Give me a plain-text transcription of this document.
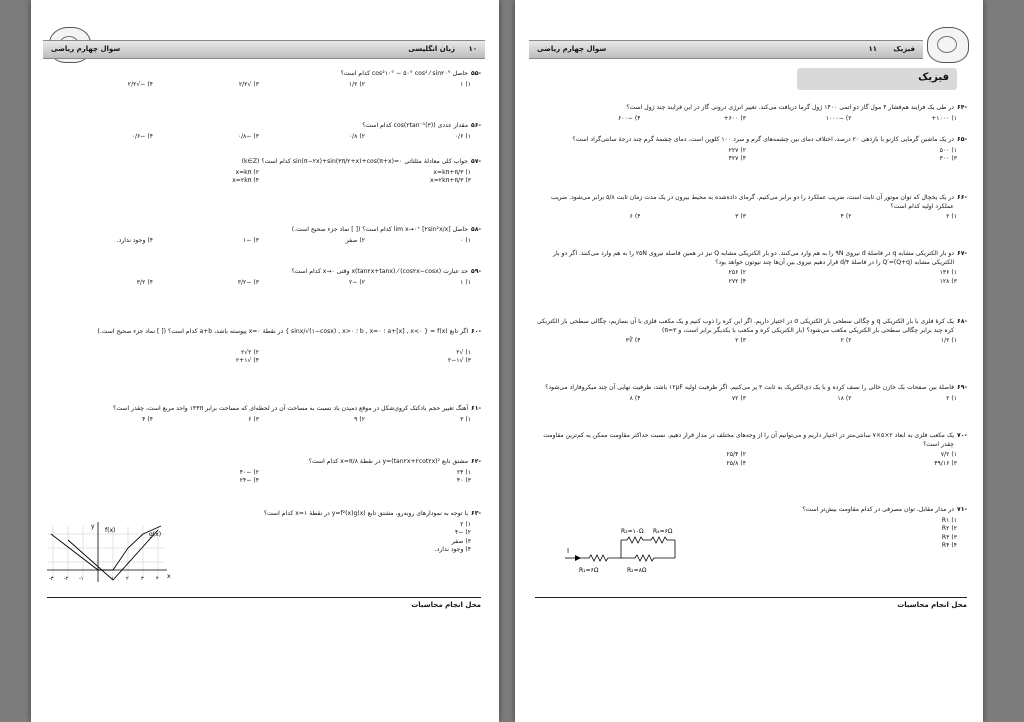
۱۰
زبان انگلیسی
سوال چهارم ریاضی
-۵۵
حاصل cos²۱۰° − ۵۰° cos² ⁄ sin۲۰° کدام است؟
۱) ۱
۲) ۱/۲
۳) √۲/۲
۴) −√۲/۲
-۵۶
مقدار عددی cos(۲tan⁻¹(۳)) کدام است؟
۱) ۰/۶
۲) ۰/۸
۳) −۰/۸
۴) −۰/۶
-۵۷
جواب کلی معادلهٔ مثلثاتی sin(π−۲x)+sin(۳π/۲+x)+cos(π+x)=۰ کدام است؟ (k∈Z)
۱) x=kπ+π/۳
۲) x=kπ
۳) x=۲kπ+π/۳
۴) x=۲kπ
-۵۸
حاصل lim x→۰⁺ [۲sin²x/x] کدام است؟ ([ ] نماد جزء صحیح است.)
۱) ۰
۲) صفر
۳) −۱
۴) وجود ندارد.
-۵۹
حد عبارت (cos۲x−cosx) ⁄ x(tan۲x+tanx) وقتی x→۰ کدام است؟
۱) ۱
۲) −۲
۳) −۳/۲
۴) ۳/۲
-۶۰
اگر تابع f(x) = { a+[x] , x<۰ ؛ b , x=۰ ؛ sinx/√(۱−cosx) , x>۰ } در نقطهٔ x=۰ پیوسته باشد، a+b کدام است؟ ([ ] نماد جزء صحیح است.)
۱) √۲
۲) ۲√۲
۳) √۲−۱
۴) √۲+۱
-۶۱
آهنگ تغییر حجم بادکنک کروی‌شکل در موقع دمیدن باد نسبت به مساحت آن در لحظه‌ای که مساحت برابر ۱۴۴π واحد مربع است، چقدر است؟
۱) ۳
۲) ۹
۳) ۶
۴) ۴
-۶۲
مشتق تابع y=(tan۲x+۲cot۲x)² در نقطهٔ x=π/۸ کدام است؟
۱) ۲۴
۲) −۴۰
۳) ۴۰
۴) −۲۴
-۶۳
با توجه به نمودارهای روبه‌رو، مشتق تابع y=f²(x)g(x) در نقطهٔ x=۱ کدام است؟
۱) ۲
۲) −۴
۳) صفر
۴) وجود ندارد.
y
x
f(x)
g(x)
-۳ -۲ -۱	۱ ۲ ۳ ۴
محل انجام محاسبات
فیزیک
۱۱
سوال چهارم ریاضی
فیزیک
-۶۴
در طی یک فرایند هم‌فشار ۴ مول گاز دو اتمی ۱۴۰۰ ژول گرما دریافت می‌کند. تغییر انرژی درونی گاز در این فرایند چند ژول است؟
۱) ۱۰۰۰+
۲) −۱۰۰۰
۳) ۶۰۰+
۴) −۶۰۰
-۶۵
در یک ماشین گرمایی کارنو با بازدهی ۲۰ درصد، اختلاف دمای بین چشمه‌های گرم و سرد ۱۰۰ کلوین است. دمای چشمهٔ گرم چند درجهٔ سانتی‌گراد است؟
۱) ۵۰۰
۲) ۲۲۷
۳) ۳۰۰
۴) ۴۲۷
-۶۶
در یک یخچال که توان موتور آن ثابت است، ضریب عملکرد را دو برابر می‌کنیم. گرمای داده‌شده به محیط بیرون در یک مدت زمان ثابت ۵/۸ برابر می‌شود. ضریب عملکرد اولیه کدام است؟
۱) ۲
۲) ۴
۳) ۳
۴) ۶
-۶۷
دو بار الکتریکی مشابه q در فاصلهٔ d نیروی ۹N را به هم وارد می‌کنند. دو بار الکتریکی مشابه Q نیز در همین فاصله نیروی ۲۵N را به هم وارد می‌کنند. اگر دو بار الکتریکی مشابه Q′=(Q+q) را در فاصلهٔ d/۴ قرار دهیم نیروی بین آن‌ها چند نیوتون خواهد بود؟
۱) ۱۳۶
۲) ۲۵۶
۳) ۱۲۸
۴) ۲۷۲
-۶۸
یک کرهٔ فلزی با بار الکتریکی q و چگالی سطحی بار الکتریکی σ در اختیار داریم. اگر این کره را ذوب کنیم و یک مکعب فلزی با آن بسازیم، چگالی سطحی بار الکتریکی کره چند برابر چگالی سطحی بار الکتریکی مکعب می‌شود؟ (بار الکتریکی کره و مکعب با یکدیگر برابر است، و π=۳)
۱) ۱/۲
۲) ۲
۳) ۲
۴) ∛۳
-۶۹
فاصلهٔ بین صفحات یک خازن خالی را نصف کرده و با یک دی‌الکتریک به ثابت ۳ پر می‌کنیم. اگر ظرفیت اولیه ۱۲μF باشد، ظرفیت نهایی آن چند میکروفاراد می‌شود؟
۱) ۲
۲) ۱۸
۳) ۷۲
۴) ۸
-۷۰
یک مکعب فلزی به ابعاد ۲×۵×۷ سانتی‌متر در اختیار داریم و می‌توانیم آن را از وجه‌های مختلف در مدار قرار دهیم. نسبت حداکثر مقاومت ممکن به کم‌ترین مقاومت چقدر است؟
۱) ۷/۲
۲) ۲۵/۴
۳) ۴۹/۱۶
۴) ۲۵/۸
-۷۱
در مدار مقابل، توان مصرفی در کدام مقاومت بیش‌تر است؟
۱) R۱
۲) R۲
۳) R۳
۴) R۴
I
R₃=۱۰Ω R₄=۶Ω
R₁=۶Ω	R₂=۸Ω
محل انجام محاسبات
